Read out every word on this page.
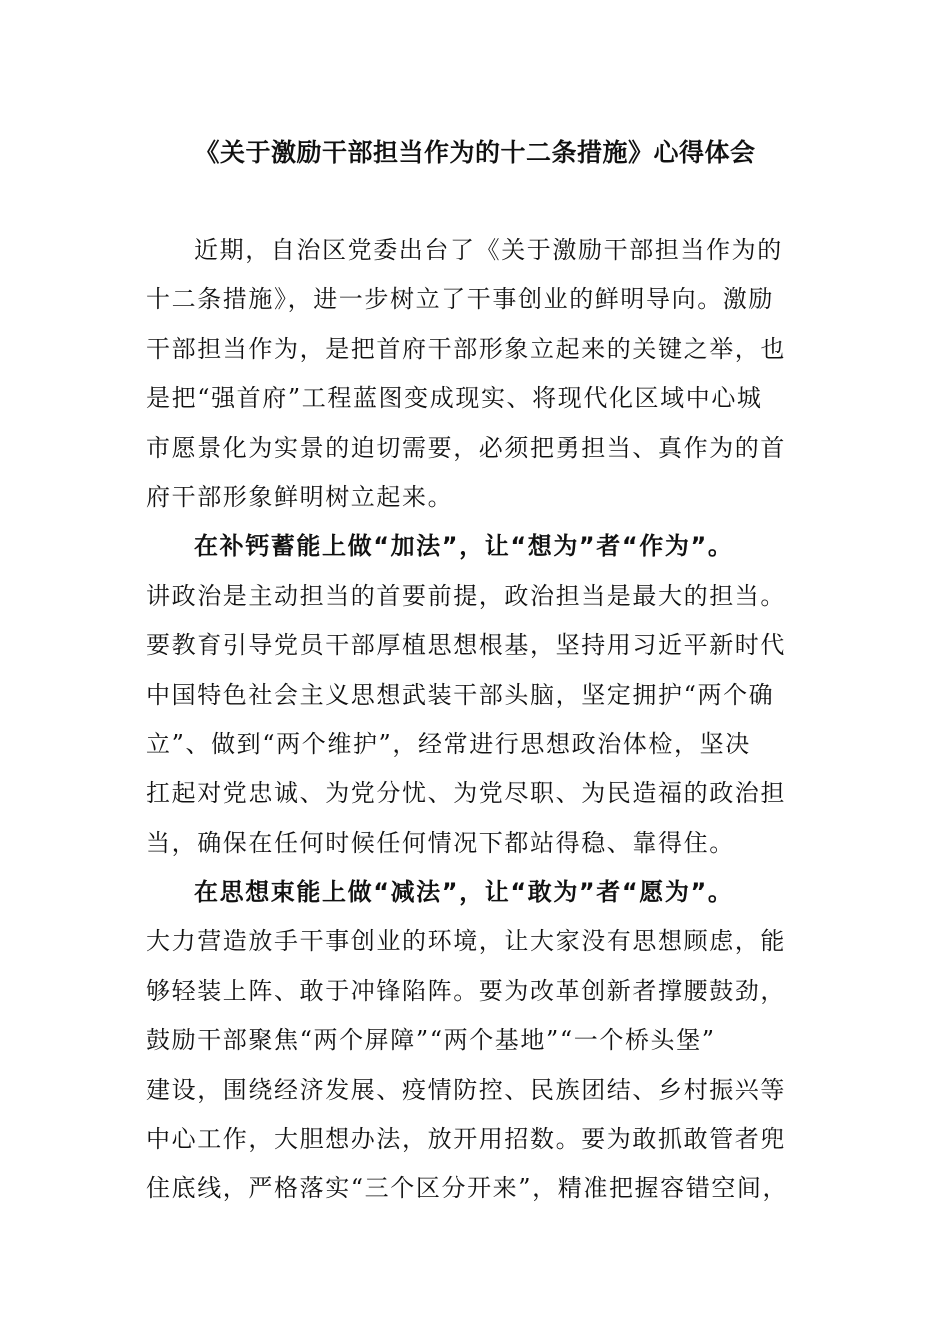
《关于激励干部担当作为的十二条措施》心得体会
近期，自治区党委出台了《关于激励干部担当作为的
十二条措施》，进一步树立了干事创业的鲜明导向。激励
干部担当作为，是把首府干部形象立起来的关键之举，也
是把“强首府”工程蓝图变成现实、将现代化区域中心城
市愿景化为实景的迫切需要，必须把勇担当、真作为的首
府干部形象鲜明树立起来。
在补钙蓄能上做“加法”，让“想为”者“作为”。
讲政治是主动担当的首要前提，政治担当是最大的担当。
要教育引导党员干部厚植思想根基，坚持用习近平新时代
中国特色社会主义思想武装干部头脑，坚定拥护“两个确
立”、做到“两个维护”，经常进行思想政治体检，坚决
扛起对党忠诚、为党分忧、为党尽职、为民造福的政治担
当，确保在任何时候任何情况下都站得稳、靠得住。
在思想束能上做“减法”，让“敢为”者“愿为”。
大力营造放手干事创业的环境，让大家没有思想顾虑，能
够轻装上阵、敢于冲锋陷阵。要为改革创新者撑腰鼓劲，
鼓励干部聚焦“两个屏障”“两个基地”“一个桥头堡”
建设，围绕经济发展、疫情防控、民族团结、乡村振兴等
中心工作，大胆想办法，放开用招数。要为敢抓敢管者兜
住底线，严格落实“三个区分开来”，精准把握容错空间，
